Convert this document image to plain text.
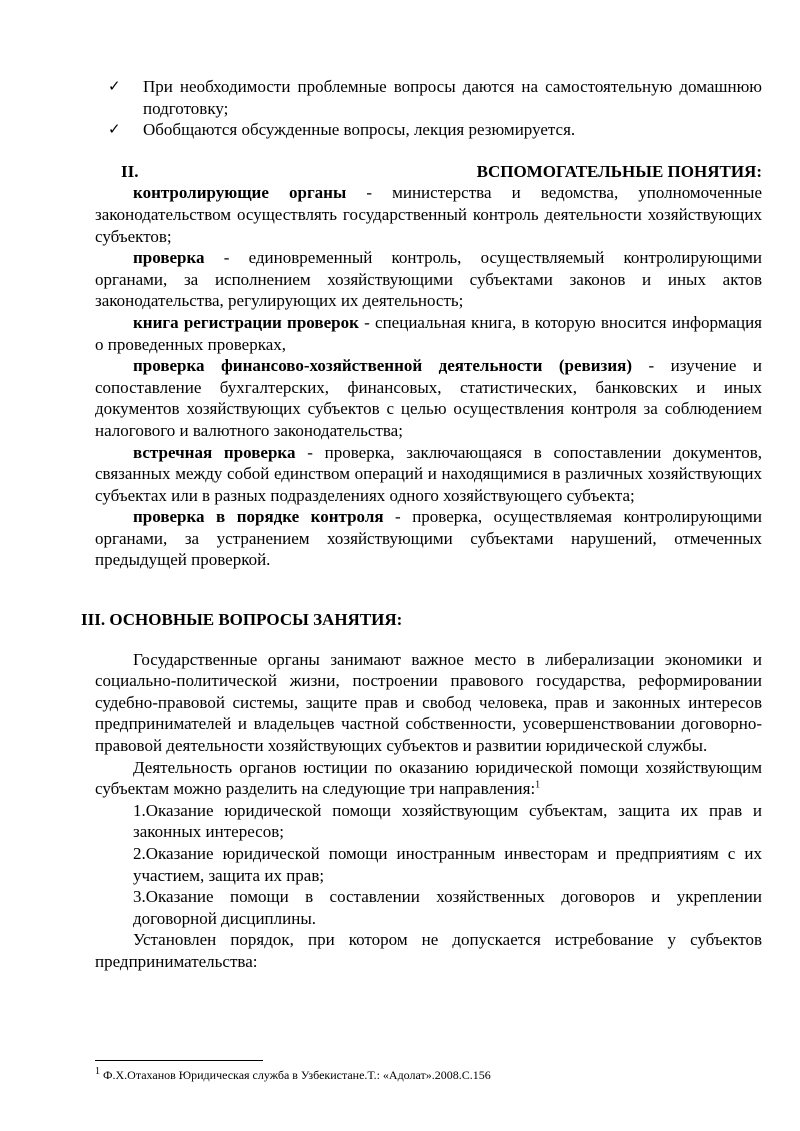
✓ При необходимости проблемные вопросы даются на самостоятельную домашнюю подготовку;

✓ Обобщаются обсужденные вопросы, лекция резюмируется.

II.	ВСПОМОГАТЕЛЬНЫЕ ПОНЯТИЯ:

контролирующие органы - министерства и ведомства, уполномоченные законодательством осуществлять государственный контроль деятельности хозяйствующих субъектов;

проверка - единовременный контроль, осуществляемый контролирующими органами, за исполнением хозяйствующими субъектами законов и иных актов законодательства, регулирующих их деятельность;

книга регистрации проверок - специальная книга, в которую вносится информация о проведенных проверках,

проверка финансово-хозяйственной деятельности (ревизия) - изучение и сопоставление бухгалтерских, финансовых, статистических, банковских и иных документов хозяйствующих субъектов с целью осуществления контроля за соблюдением налогового и валютного законодательства;

встречная проверка - проверка, заключающаяся в сопоставлении документов, связанных между собой единством операций и находящимися в различных хозяйствующих субъектах или в разных подразделениях одного хозяйствующего субъекта;

проверка в порядке контроля - проверка, осуществляемая контролирующими органами, за устранением хозяйствующими субъектами нарушений, отмеченных предыдущей проверкой.

III. ОСНОВНЫЕ ВОПРОСЫ ЗАНЯТИЯ:

Государственные органы занимают важное место в либерализации экономики и социально-политической жизни, построении правового государства, реформировании судебно-правовой системы, защите прав и свобод человека, прав и законных интересов предпринимателей и владельцев частной собственности, усовершенствовании договорно-правовой деятельности хозяйствующих субъектов и развитии юридической службы.

Деятельность органов юстиции по оказанию юридической помощи хозяйствующим субъектам можно разделить на следующие три направления:$^1$

1.Оказание юридической помощи хозяйствующим субъектам, защита их прав и законных интересов;

2.Оказание юридической помощи иностранным инвесторам и предприятиям с их участием, защита их прав;

3.Оказание помощи в составлении хозяйственных договоров и укреплении договорной дисциплины.

Установлен порядок, при котором не допускается истребование у субъектов предпринимательства:

$^1$ Ф.Х.Отаханов Юридическая служба в Узбекистане.Т.: «Адолат».2008.С.156
